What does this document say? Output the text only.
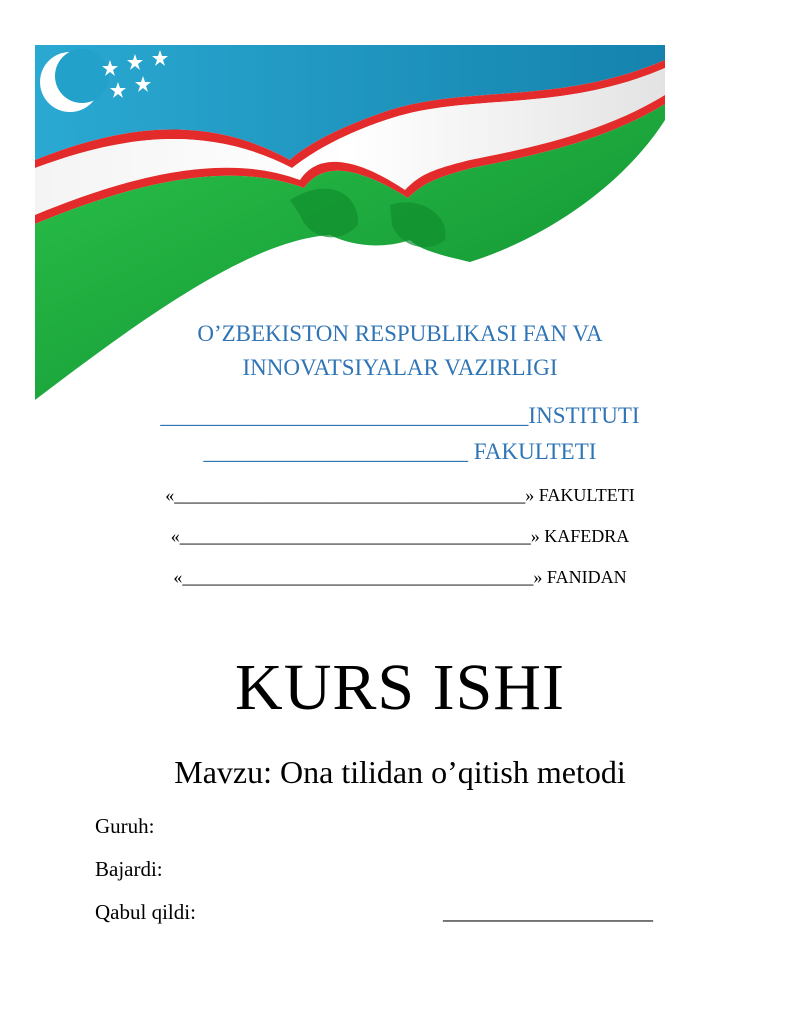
O’ZBEKISTON RESPUBLIKASI FAN VA
INNOVATSIYALAR VAZIRLIGI
________________________________INSTITUTI
_______________________ FAKULTETI
«_______________________________________» FAKULTETI
«_______________________________________» KAFEDRA
«_______________________________________» FANIDAN
KURS ISHI
Mavzu: Ona tilidan o’qitish metodi
Guruh:
Bajardi:
Qabul qildi:	____________________
